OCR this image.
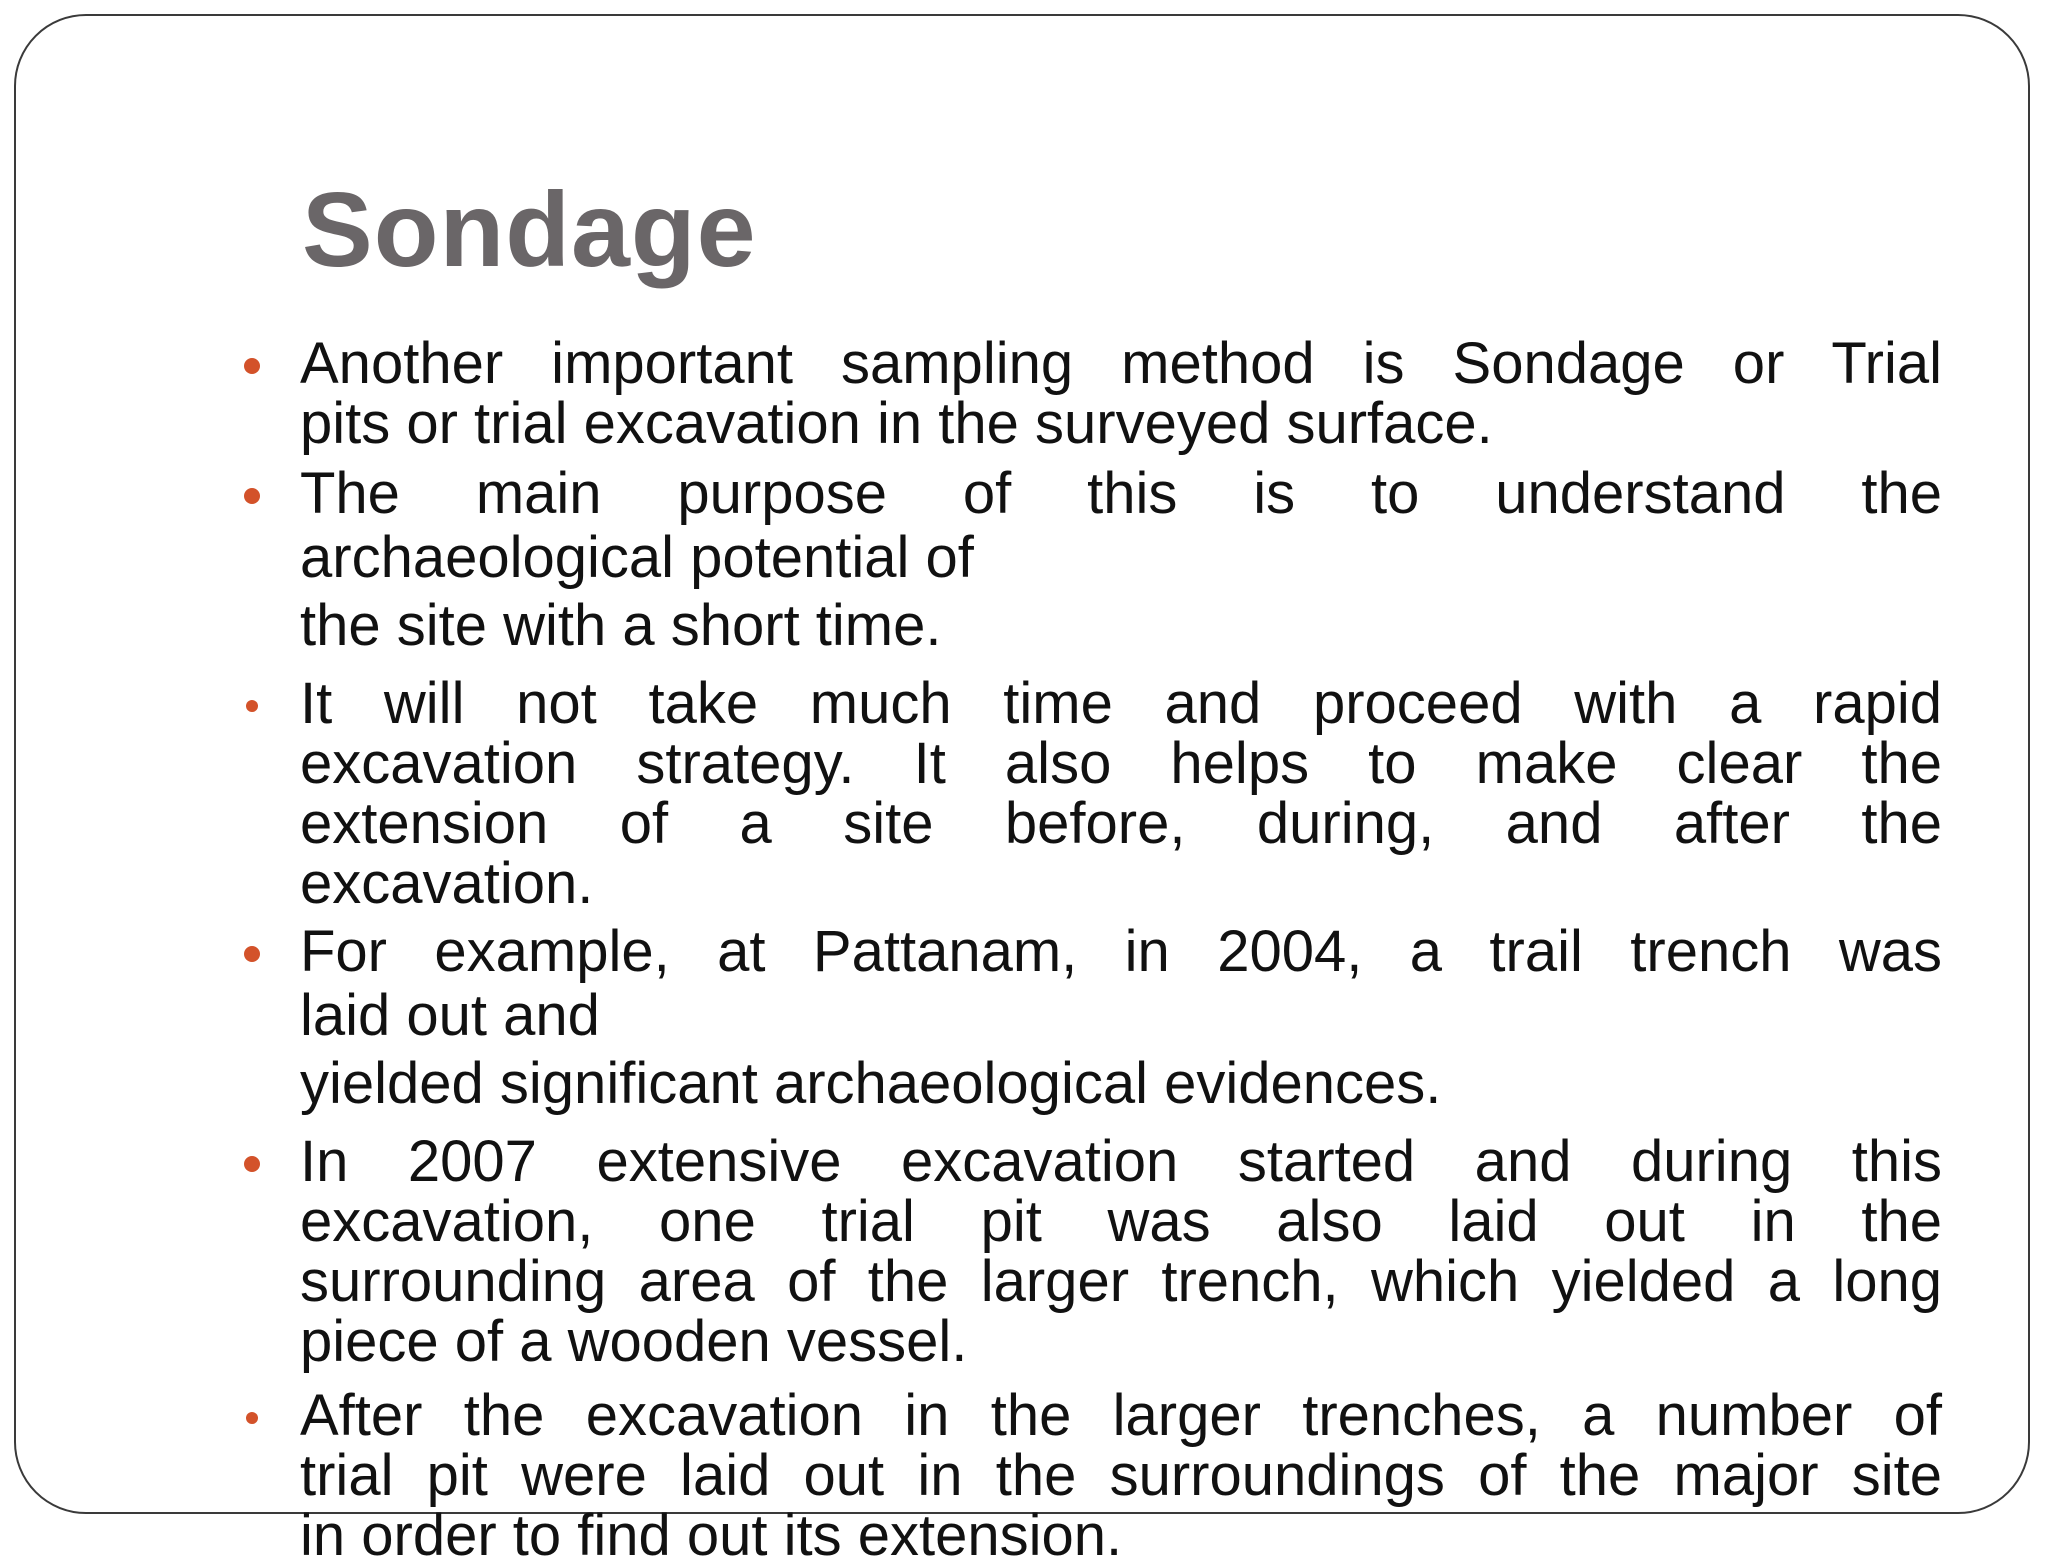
Sondage
Another important sampling method is Sondage or Trial
pits or trial excavation in the surveyed surface.
The main purpose of this is to understand the
archaeological potential of
the site with a short time.
It will not take much time and proceed with a rapid
excavation strategy. It also helps to make clear the
extension of a site before, during, and after the
excavation.
For example, at Pattanam, in 2004, a trail trench was
laid out and
yielded significant archaeological evidences.
In 2007 extensive excavation started and during this
excavation, one trial pit was also laid out in the
surrounding area of the larger trench, which yielded a long
piece of a wooden vessel.
After the excavation in the larger trenches, a number of
trial pit were laid out in the surroundings of the major site
in order to find out its extension.
